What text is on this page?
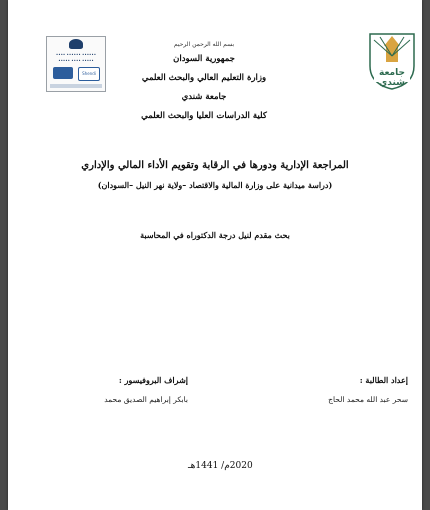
•••••• •••••• ••••
••••• •••• •••••
Shendi	جامعة شندي
بسم الله الرحمن الرحيم
جمهورية السودان
وزارة التعليم العالي والبحث العلمي
جامعة شندي
كلية الدراسات العليا والبحث العلمي
المراجعة الإدارية ودورها في الرقابة وتقويم الأداء المالي والإداري
(دراسة ميدانية على وزارة المالية والاقتصاد –ولاية نهر النيل –السودان)
بحث مقدم لنيل درجة الدكتوراه في المحاسبة
إعداد الطالبة :
سحر عبد الله محمد الحاج
إشراف البروفيسور :
بابكر إبراهيم الصديق محمد
2020م/ 1441هـ
